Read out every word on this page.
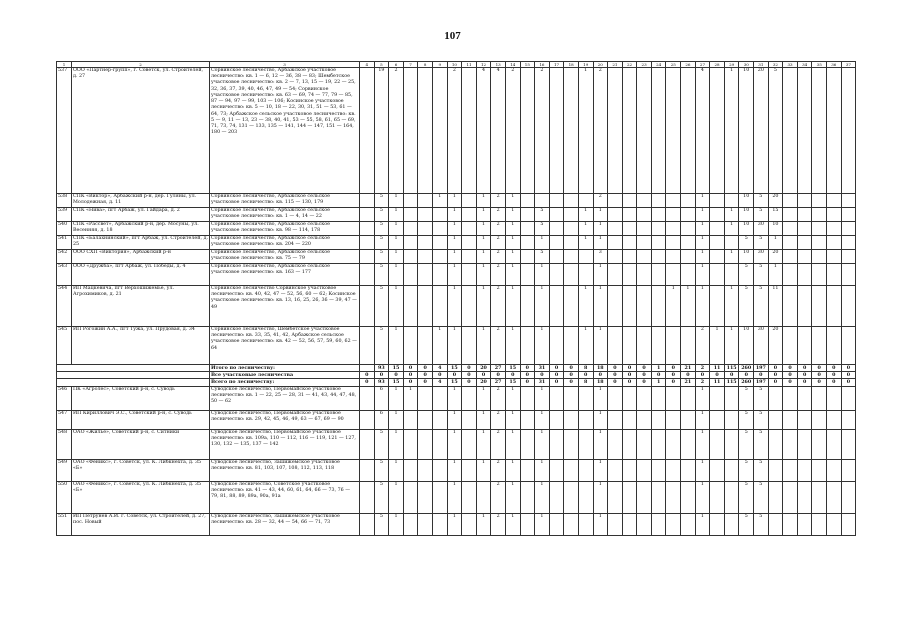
107
1	2	3	4	5	6	7	8	9	10	11	12	13	14	15	16	17	18	19	20	21	22	23	24	25	26	27	28	29	30	31	32	33	34	35	36	37
537	ООО «Партнер-групп», г. Советск, ул. Строителей, д. 27	Сорвинское лесничество, Арбажское участковое лесничество: кв. 1 — 6, 12 — 36, 38 — 83; Шембетское участковое лесничество: кв. 2 — 7, 13, 15 — 19, 22 — 25, 32, 36, 37, 39, 40, 46, 47, 49 — 54; Сорвинское участковое лесничество: кв. 63 — 69, 74 — 77, 79 — 85, 87 — 94, 97 — 99, 103 — 106; Косинское участковое лесничество: кв. 5 — 10, 18 — 22, 30, 31, 51 — 53, 61 — 64, 73; Арбажское сельское участковое лесничество: кв. 5 — 9, 11 — 13, 23 — 38, 40, 41, 53 — 55, 58, 61, 65 — 69, 71, 73, 74, 131 — 133, 135 — 141, 144 — 147, 151 — 164, 180 — 203		19	2				2		4	4	2		2			1	2							4		1	10	20	5					
538	СПК «Виктор», Арбажский р-н, дер. Гуляны, ул. Молодежная, д. 11	Сорвинское лесничество, Арбажское сельское участковое лесничество: кв. 115 — 130, 179		5	1			1	1		1	2	1						2							1			10	5	20					
539	СПК «Нива», пгт Арбаж, ул. Гайдара, д. 2	Сорвинское лесничество, Арбажское сельское участковое лесничество: кв. 1 — 4, 14 — 22		5	1				1		1	2	1		5			1	1							1		1	10	5	15					
540	СПК «Рассвет», Арбажский р-н, дер. Мосуны, ул. Весенняя, д. 18	Сорвинское лесничество, Арбажское сельское участковое лесничество: кв. 98 — 114, 178		5	1				1		1	2	1		5			1	1							1		1	10	30	10					
541	СПК «Балахнинский», пгт Арбаж, ул. Строителей, д. 25	Сорвинское лесничество, Арбажское сельское участковое лесничество: кв. 204 — 220		5	1				1		1	2	1		1			1	1							1			5	5	1					
542	ООО СХП «Виктория», Арбажский р-н	Сорвинское лесничество, Арбажское сельское участковое лесничество: кв. 75 — 79		5	1				1		1	2	1		5				3							1		1	10	30	20					
543	ООО «Дружба», пгт Арбаж, ул. Победы, д. 4	Сорвинское лесничество, Арбажское сельское участковое лесничество: кв. 163 — 177		5	1				1		1	2	1		1				1							1			5	5	1					
544	ИП Мацкевича, пгт Верхошижемье, ул. Агрохимиков, д. 21	Сорвинское лесничество Сорвинское участковое лесничество: кв. 40, 42, 47 — 52, 56, 60 — 62; Косинское участковое лесничество: кв. 13, 16, 25, 26, 36 — 39, 47 — 49		5	1				1		1	2	1		1			1	1					1	1	1		1	5	5	11					
545	ИП Рогожин А.А., пгт Тужа, ул. Прудовая, д. 34	Сорвинское лесничество, Шембетское участковое лесничество: кв. 33, 35, 41, 42, Арбажское сельское участковое лесничество: кв. 42 — 52, 56, 57, 59, 60, 62 — 64		5	1			1	1		1	2	1		1			1	1							2	1	1	10	30	20					
		Итого по лесничеству:		93	15	0	0	4	15	0	20	27	15	0	31	0	0	8	18	0	0	0	1	0	21	2	11	115	260	197	0	0	0	0	0	0
		Все участковые лесничества	0	0	0	0	0	0	0	0	0	0	0	0	0	0	0	0	0	0	0	0	0	0	0	0	0	0	0	0	0	0	0	0	0	0
		Всего по лесничеству:	0	93	15	0	0	4	15	0	20	27	15	0	31	0	0	8	18	0	0	0	1	0	21	2	11	115	260	197	0	0	0	0	0	0
546	ПК «Агролес», Советский р-н, с. Суводь	Суводское лесничество, Первомайское участковое лесничество: кв. 1 — 22, 25 — 28, 31 — 41, 43, 44, 47, 48, 50 — 62		6	1	1			1		1	2	1		1				1							1			5	5						
547	ИП Кириллович Э.С., Советский р-н, с. Суводь	Суводское лесничество, Первомайское участковое лесничество: кв. 29, 42, 45, 46, 49, 63 — 67, 69 — 90		6	1				1		1	2	1		1				1							1			5	5						
548	ОАО «Жилье», Советский р-н, с. Ситники	Суводское лесничество, Первомайское участковое лесничество: кв. 109а, 110 — 112, 116 — 119, 121 — 127, 130, 132 — 135, 137 — 142		5	1				1		1	2	1		1				1							1			5	5						
549	ОАО «Феникс», г. Советск, ул. К. Либкнехта, д. 35 «Б»	Суводское лесничество, Зашижемское участковое лесничество: кв. 81, 103, 107, 108, 112, 113, 118		5	1				1		1	2	1		1				1							1			5	5						
550	ОАО «Феникс», г. Советск, ул. К. Либкнехта, д. 35 «Б»	Суводское лесничество, Советское участковое лесничество: кв. 41 — 43, 44, 60, 61, 64, 66 — 73, 76 — 79, 81, 88, 89, 89а, 90а, 91а		5	1				1			2	1		1				1							1			5	5						
551	ИП Петрунев А.И. г. Советск, ул. Строителей, д. 27, пос. Новый	Суводское лесничество, Зашижемское участковое лесничество: кв. 28 — 32, 44 — 54, 66 — 71, 73		5	1				1		1	2	1		1				1							1			5	5						
